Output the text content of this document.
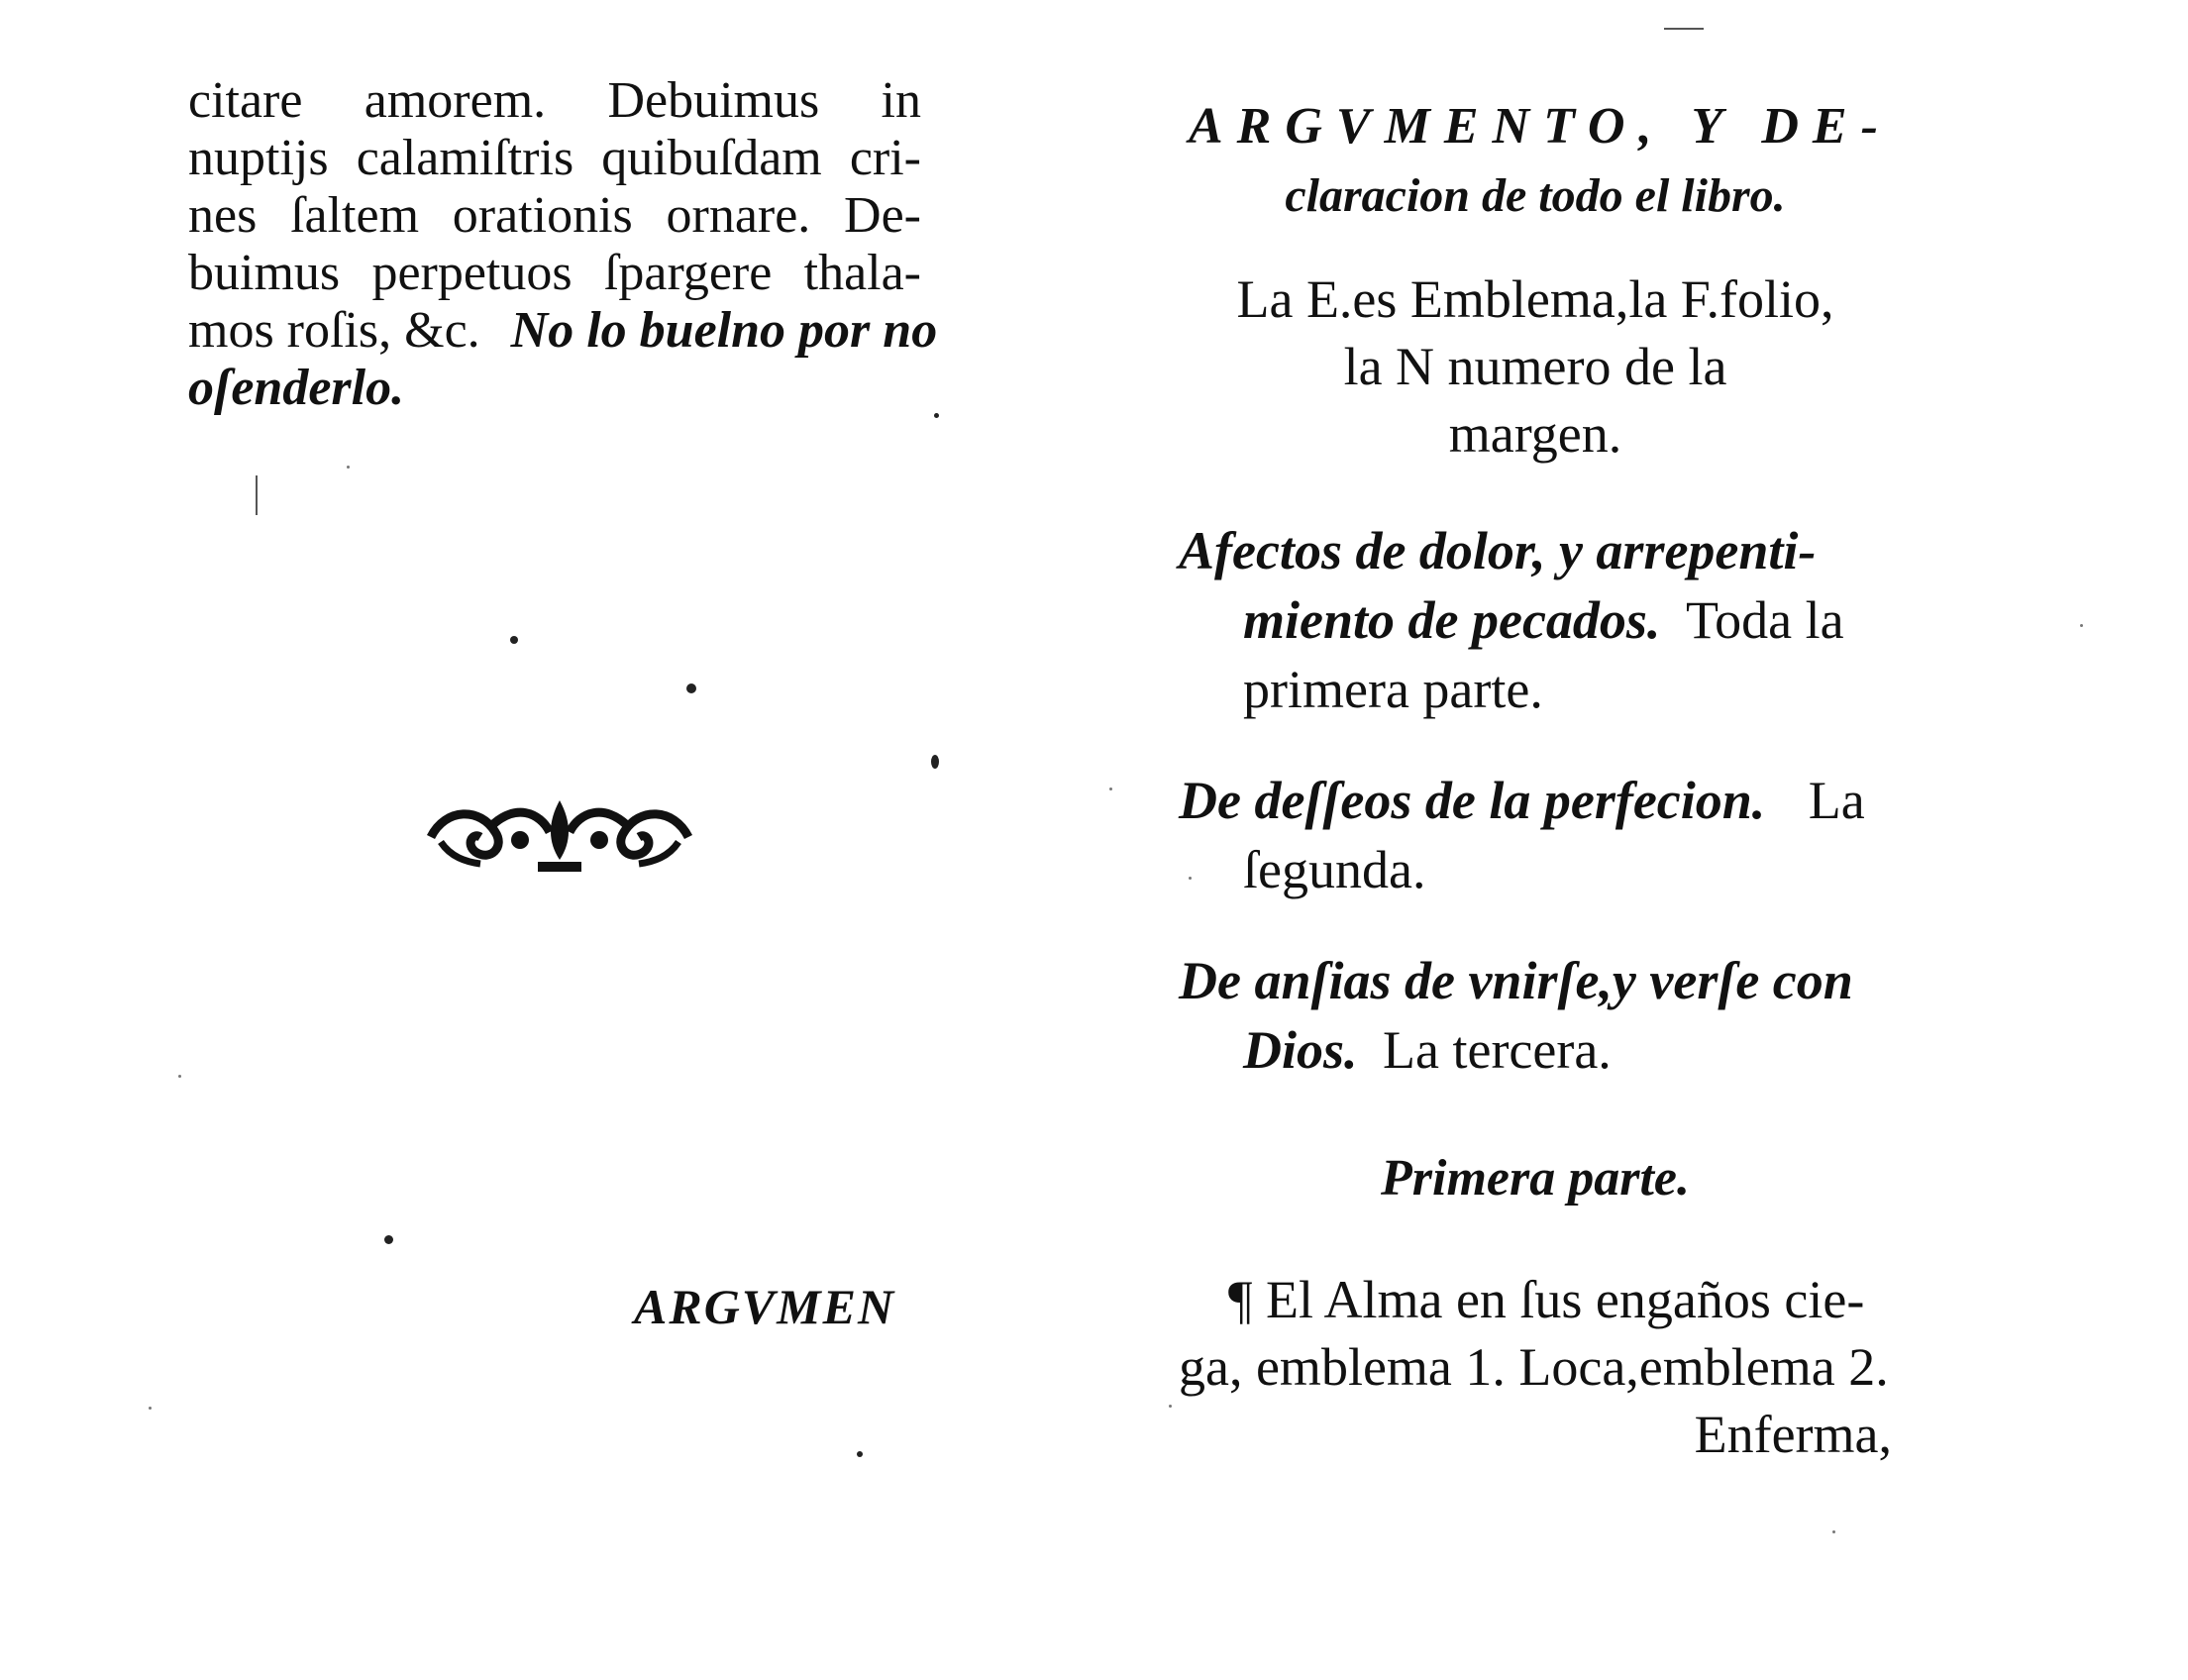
citare amorem. Debuimus in
nuptijs calamiſtris quibuſdam cri-
nes ſaltem orationis ornare. De-
buimus perpetuos ſpargere thala-
mos roſis, &c. No lo buelno por no
oſenderlo.
ARGVMEN
ARGVMENTO, Y DE-
claracion de todo el libro.
La E.es Emblema,la F.folio,
la N numero de la
margen.
Afectos de dolor, y arrepenti-
miento de pecados. Toda la
primera parte.
De deſſeos de la perfecion. La
ſegunda.
De anſias de vnirſe,y verſe con
Dios. La tercera.
Primera parte.
¶ El Alma en ſus engaños cie-
ga, emblema 1. Loca,emblema 2.
Enferma,
